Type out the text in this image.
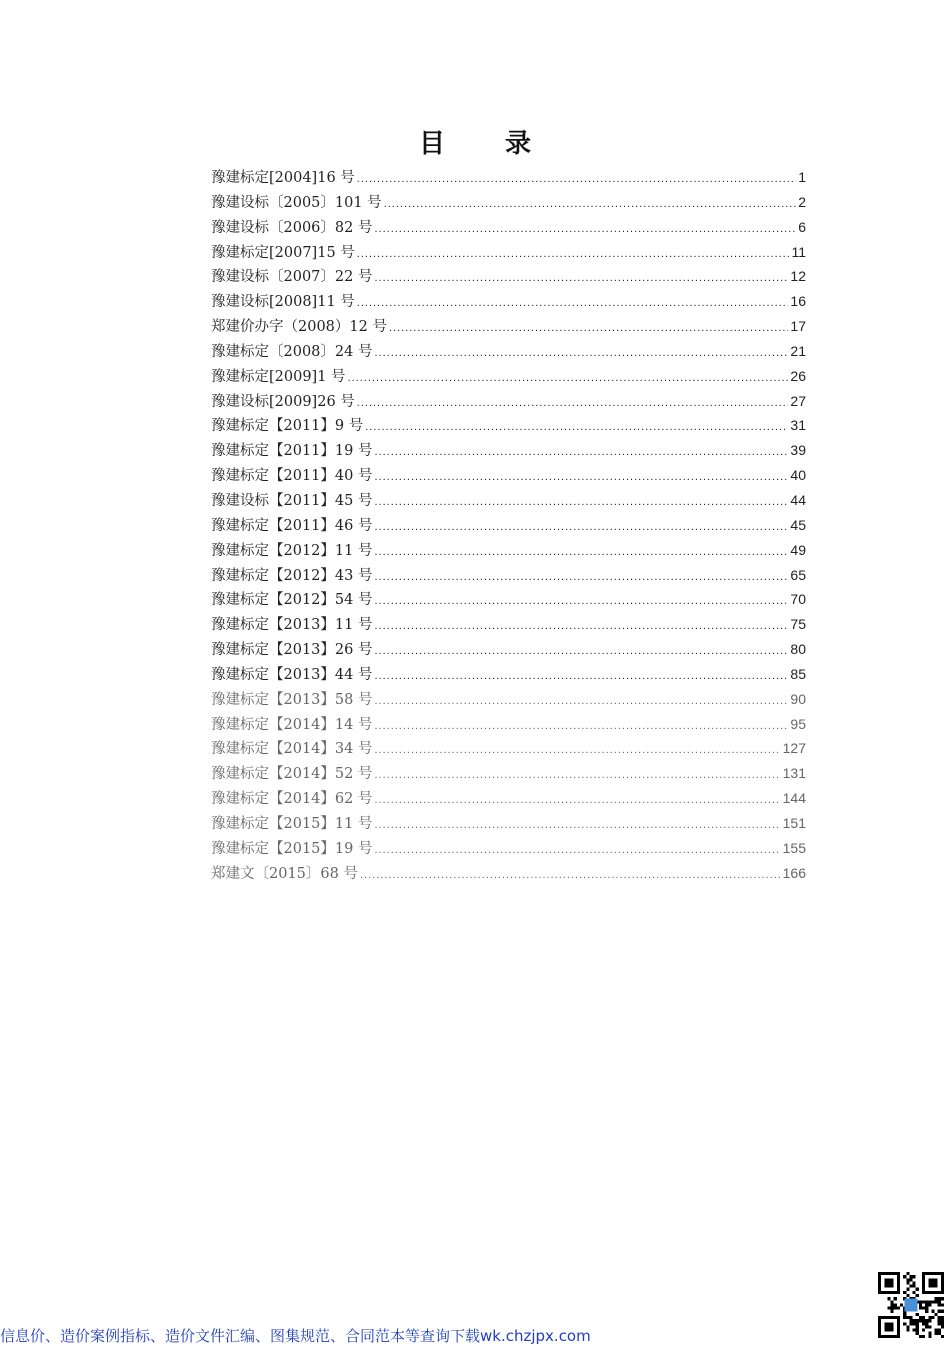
目录
豫建标定[2004]16 号 .....	1
豫建设标〔2005〕101 号 .....	2
豫建设标〔2006〕82 号 .....	6
豫建标定[2007]15 号 .....	11
豫建设标〔2007〕22 号 .....	12
豫建设标[2008]11 号 .....	16
郑建价办字（2008）12 号 .....	17
豫建标定〔2008〕24 号 .....	21
豫建标定[2009]1 号 .....	26
豫建设标[2009]26 号 .....	27
豫建标定【2011】9 号 .....	31
豫建标定【2011】19 号 .....	39
豫建标定【2011】40 号 .....	40
豫建设标【2011】45 号 .....	44
豫建标定【2011】46 号 .....	45
豫建标定【2012】11 号 .....	49
豫建标定【2012】43 号 .....	65
豫建标定【2012】54 号 .....	70
豫建标定【2013】11 号 .....	75
豫建标定【2013】26 号 .....	80
豫建标定【2013】44 号 .....	85
豫建标定【2013】58 号 .....	90
豫建标定【2014】14 号 .....	95
豫建标定【2014】34 号 .....	127
豫建标定【2014】52 号 .....	131
豫建标定【2014】62 号 .....	144
豫建标定【2015】11 号 .....	151
豫建标定【2015】19 号 .....	155
郑建文〔2015〕68 号 .....	166
信息价、造价案例指标、造价文件汇编、图集规范、合同范本等查询下载wk.chzjpx.com
